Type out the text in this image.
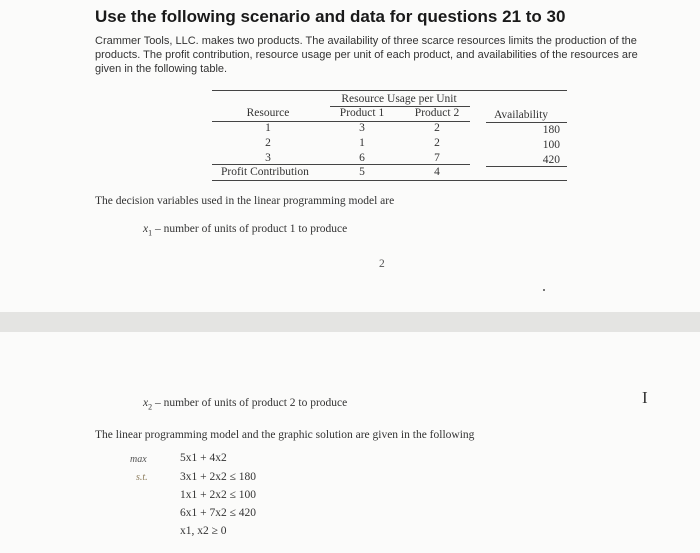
Use the following scenario and data for questions 21 to 30
Crammer Tools, LLC. makes two products. The availability of three scarce resources limits the production of the
products. The profit contribution, resource usage per unit of each product, and availabilities of the resources are
given in the following table.
Resource Usage per Unit
Resource	Product 1	Product 2	Availability
1	3	2	180
2	1	2	100
3	6	7	420
Profit Contribution	5	4
The decision variables used in the linear programming model are
$x_1$ – number of units of product 1 to produce
2
$x_2$ – number of units of product 2 to produce	I
The linear programming model and the graphic solution are given in the following
max
s.t.
5x1 + 4x2
3x1 + 2x2 ≤ 180
1x1 + 2x2 ≤ 100
6x1 + 7x2 ≤ 420
x1, x2 ≥ 0
